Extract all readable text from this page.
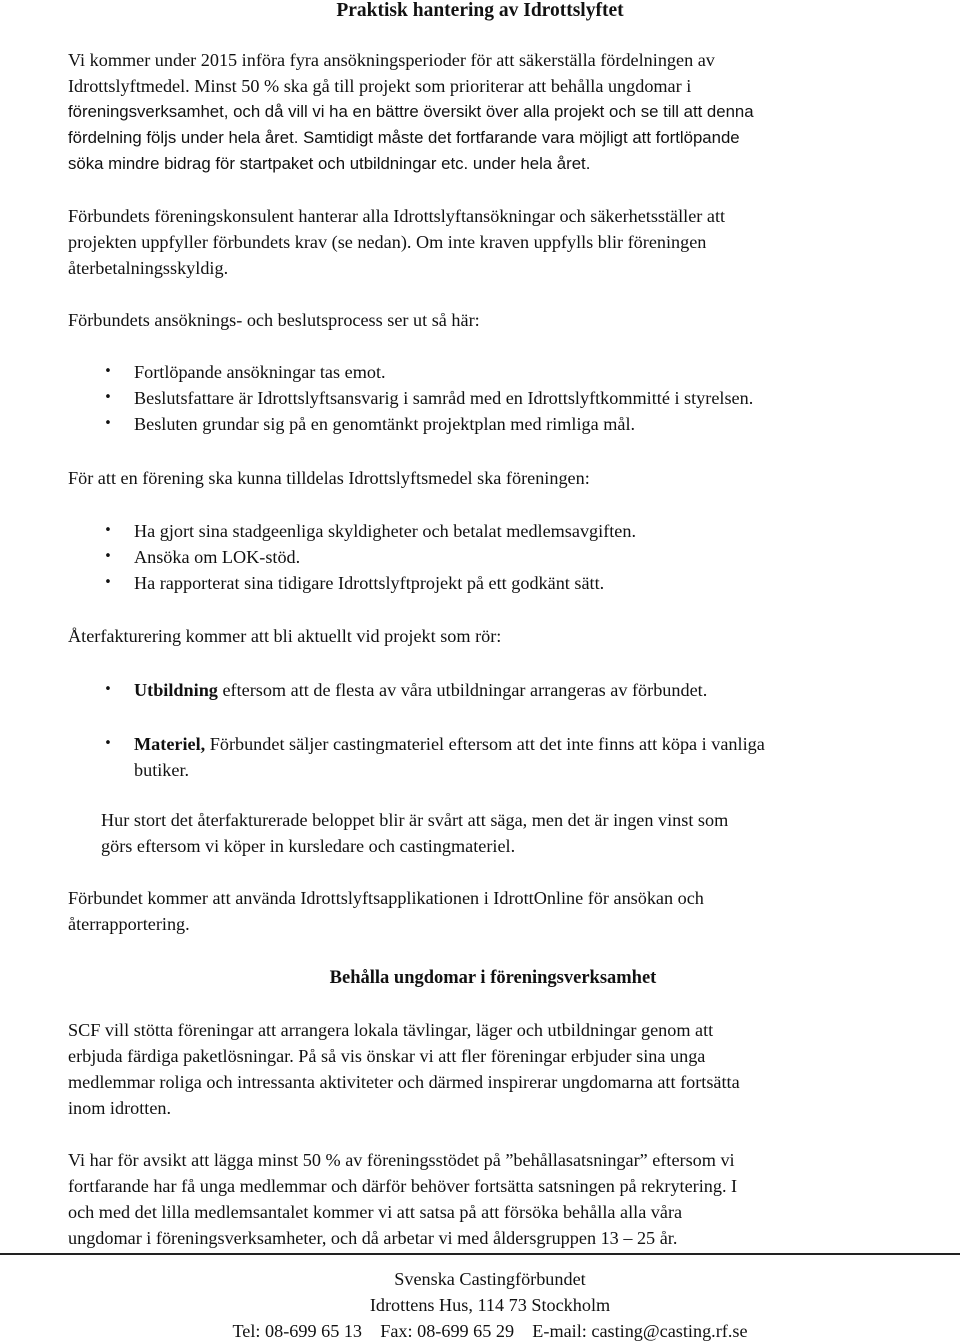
Praktisk hantering av Idrottslyftet
Vi kommer under 2015 införa fyra ansökningsperioder för att säkerställa fördelningen av
Idrottslyftmedel. Minst 50 % ska gå till projekt som prioriterar att behålla ungdomar i
föreningsverksamhet, och då vill vi ha en bättre översikt över alla projekt och se till att denna
fördelning följs under hela året. Samtidigt måste det fortfarande vara möjligt att fortlöpande
söka mindre bidrag för startpaket och utbildningar etc. under hela året.
Förbundets föreningskonsulent hanterar alla Idrottslyftansökningar och säkerhetsställer att
projekten uppfyller förbundets krav (se nedan). Om inte kraven uppfylls blir föreningen
återbetalningsskyldig.
Förbundets ansöknings- och beslutsprocess ser ut så här:
•	Fortlöpande ansökningar tas emot.
•	Beslutsfattare är Idrottslyftsansvarig i samråd med en Idrottslyftkommitté i styrelsen.
•	Besluten grundar sig på en genomtänkt projektplan med rimliga mål.
För att en förening ska kunna tilldelas Idrottslyftsmedel ska föreningen:
•	Ha gjort sina stadgeenliga skyldigheter och betalat medlemsavgiften.
•	Ansöka om LOK-stöd.
•	Ha rapporterat sina tidigare Idrottslyftprojekt på ett godkänt sätt.
Återfakturering kommer att bli aktuellt vid projekt som rör:
•	Utbildning eftersom att de flesta av våra utbildningar arrangeras av förbundet.
•	Materiel, Förbundet säljer castingmateriel eftersom att det inte finns att köpa i vanliga
butiker.
Hur stort det återfakturerade beloppet blir är svårt att säga, men det är ingen vinst som
görs eftersom vi köper in kursledare och castingmateriel.
Förbundet kommer att använda Idrottslyftsapplikationen i IdrottOnline för ansökan och
återrapportering.
Behålla ungdomar i föreningsverksamhet
SCF vill stötta föreningar att arrangera lokala tävlingar, läger och utbildningar genom att
erbjuda färdiga paketlösningar. På så vis önskar vi att fler föreningar erbjuder sina unga
medlemmar roliga och intressanta aktiviteter och därmed inspirerar ungdomarna att fortsätta
inom idrotten.
Vi har för avsikt att lägga minst 50 % av föreningsstödet på ”behållasatsningar” eftersom vi
fortfarande har få unga medlemmar och därför behöver fortsätta satsningen på rekrytering. I
och med det lilla medlemsantalet kommer vi att satsa på att försöka behålla alla våra
ungdomar i föreningsverksamheter, och då arbetar vi med åldersgruppen 13 – 25 år.
Svenska Castingförbundet
Idrottens Hus, 114 73 Stockholm
Tel: 08-699 65 13 Fax: 08-699 65 29 E-mail: casting@casting.rf.se
